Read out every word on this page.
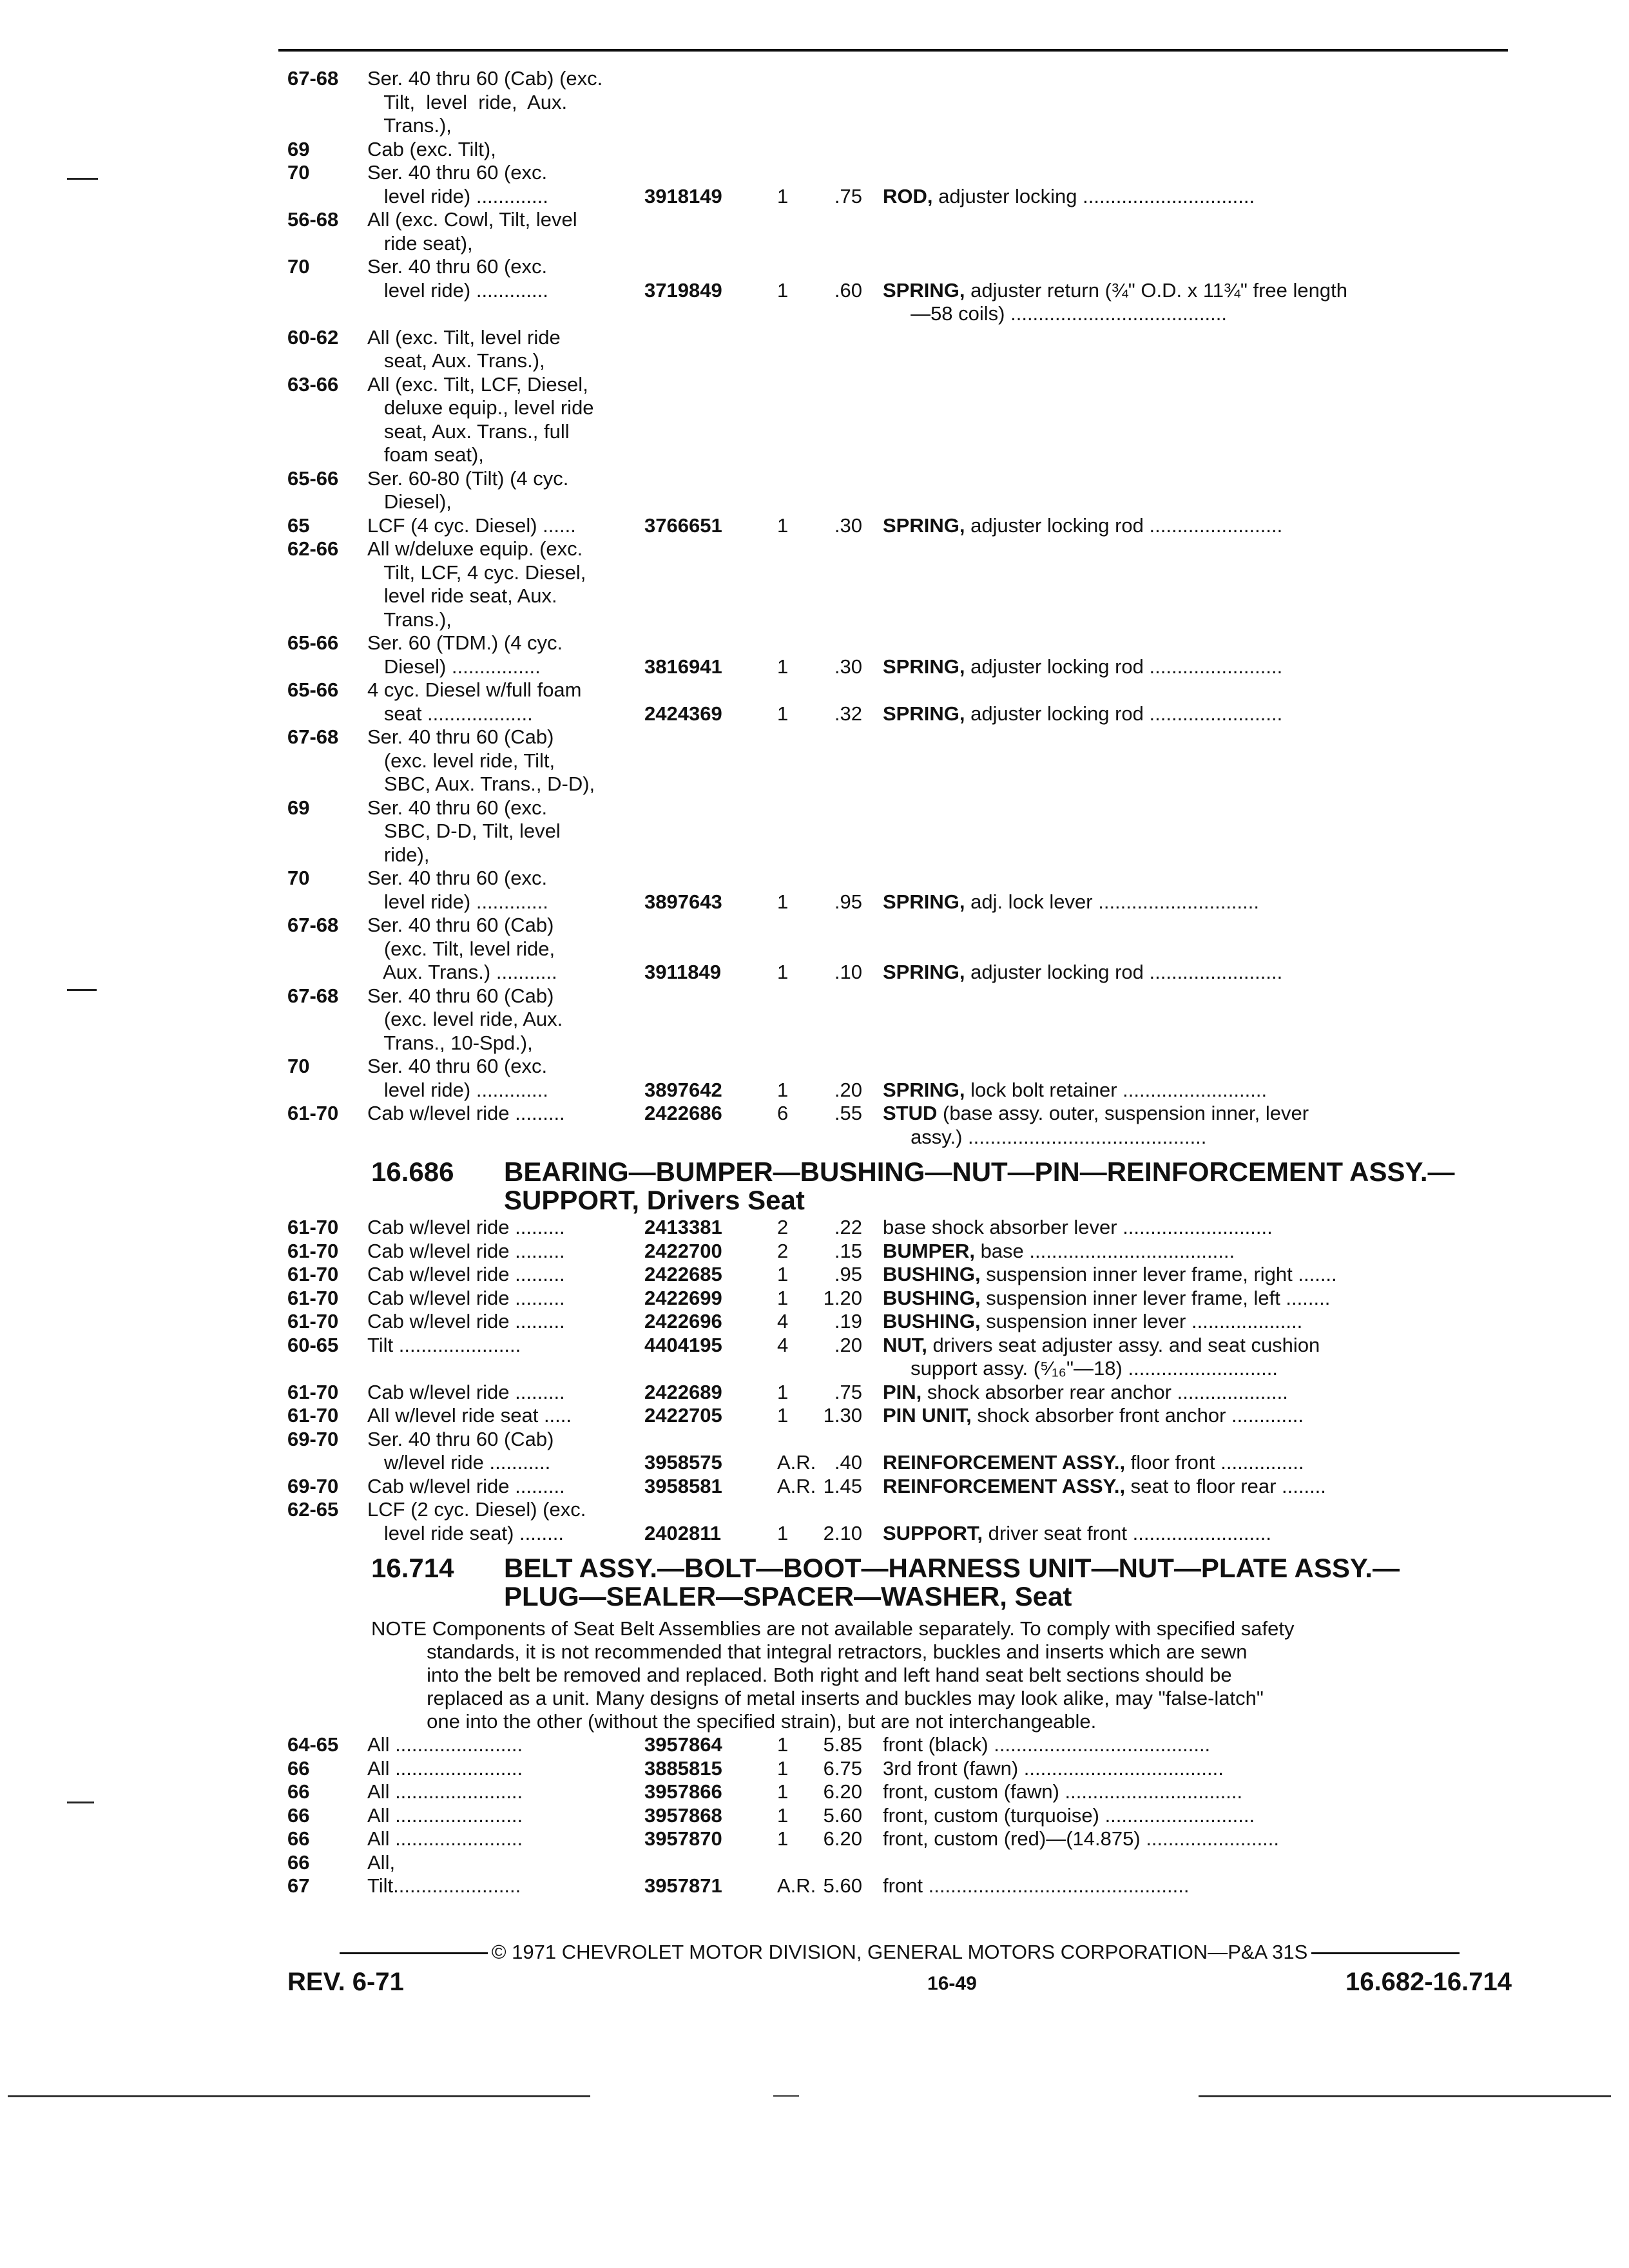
67-68	Ser. 40 thru 60 (Cab) (exc.
Tilt,  level  ride,  Aux.
Trans.),
69	Cab (exc. Tilt),
70	Ser. 40 thru 60 (exc.
level ride) .............	3918149	1	.75	ROD, adjuster locking ...............................
56-68	All (exc. Cowl, Tilt, level
ride seat),
70	Ser. 40 thru 60 (exc.
level ride) .............	3719849	1	.60	SPRING, adjuster return (¾" O.D. x 11¾" free length
—58 coils) .......................................
60-62	All (exc. Tilt, level ride
seat, Aux. Trans.),
63-66	All (exc. Tilt, LCF, Diesel,
deluxe equip., level ride
seat, Aux. Trans., full
foam seat),
65-66	Ser. 60-80 (Tilt) (4 cyc.
Diesel),
65	LCF (4 cyc. Diesel) ......	3766651	1	.30	SPRING, adjuster locking rod ........................
62-66	All w/deluxe equip. (exc.
Tilt, LCF, 4 cyc. Diesel,
level ride seat, Aux.
Trans.),
65-66	Ser. 60 (TDM.) (4 cyc.
Diesel) ................	3816941	1	.30	SPRING, adjuster locking rod ........................
65-66	4 cyc. Diesel w/full foam
seat ...................	2424369	1	.32	SPRING, adjuster locking rod ........................
67-68	Ser. 40 thru 60 (Cab)
(exc. level ride, Tilt,
SBC, Aux. Trans., D-D),
69	Ser. 40 thru 60 (exc.
SBC, D-D, Tilt, level
ride),
70	Ser. 40 thru 60 (exc.
level ride) .............	3897643	1	.95	SPRING, adj. lock lever .............................
67-68	Ser. 40 thru 60 (Cab)
(exc. Tilt, level ride,
Aux. Trans.) ...........	3911849	1	.10	SPRING, adjuster locking rod ........................
67-68	Ser. 40 thru 60 (Cab)
(exc. level ride, Aux.
Trans., 10-Spd.),
70	Ser. 40 thru 60 (exc.
level ride) .............	3897642	1	.20	SPRING, lock bolt retainer ..........................
61-70	Cab w/level ride .........	2422686	6	.55	STUD (base assy. outer, suspension inner, lever
assy.) ...........................................
16.686 BEARING—BUMPER—BUSHING—NUT—PIN—REINFORCEMENT ASSY.—
SUPPORT, Drivers Seat
61-70	Cab w/level ride .........	2413381	2	.22	base shock absorber lever ...........................
61-70	Cab w/level ride .........	2422700	2	.15	BUMPER, base .....................................
61-70	Cab w/level ride .........	2422685	1	.95	BUSHING, suspension inner lever frame, right .......
61-70	Cab w/level ride .........	2422699	1	1.20	BUSHING, suspension inner lever frame, left ........
61-70	Cab w/level ride .........	2422696	4	.19	BUSHING, suspension inner lever ....................
60-65	Tilt ......................	4404195	4	.20	NUT, drivers seat adjuster assy. and seat cushion
support assy. (⁵⁄₁₆"—18) ...........................
61-70	Cab w/level ride .........	2422689	1	.75	PIN, shock absorber rear anchor ....................
61-70	All w/level ride seat .....	2422705	1	1.30	PIN UNIT, shock absorber front anchor .............
69-70	Ser. 40 thru 60 (Cab)
w/level ride ...........	3958575	A.R. .40	REINFORCEMENT ASSY., floor front ...............
69-70	Cab w/level ride .........	3958581	A.R. 1.45	REINFORCEMENT ASSY., seat to floor rear ........
62-65	LCF (2 cyc. Diesel) (exc.
level ride seat) ........	2402811	1	2.10	SUPPORT, driver seat front .........................
16.714 BELT ASSY.—BOLT—BOOT—HARNESS UNIT—NUT—PLATE ASSY.—
PLUG—SEALER—SPACER—WASHER, Seat
NOTE Components of Seat Belt Assemblies are not available separately. To comply with specified safety
standards, it is not recommended that integral retractors, buckles and inserts which are sewn
into the belt be removed and replaced. Both right and left hand seat belt sections should be
replaced as a unit. Many designs of metal inserts and buckles may look alike, may "false-latch"
one into the other (without the specified strain), but are not interchangeable.
64-65	All .......................	3957864	1	5.85	front (black) .......................................
66	All .......................	3885815	1	6.75	3rd front (fawn) ....................................
66	All .......................	3957866	1	6.20	front, custom (fawn) ................................
66	All .......................	3957868	1	5.60	front, custom (turquoise) ...........................
66	All .......................	3957870	1	6.20	front, custom (red)—(14.875) ........................
66	All,
67	Tilt.......................	3957871	A.R. 5.60	front ...............................................
© 1971 CHEVROLET MOTOR DIVISION, GENERAL MOTORS CORPORATION—P&A 31S
REV. 6-71	16-49	16.682-16.714
